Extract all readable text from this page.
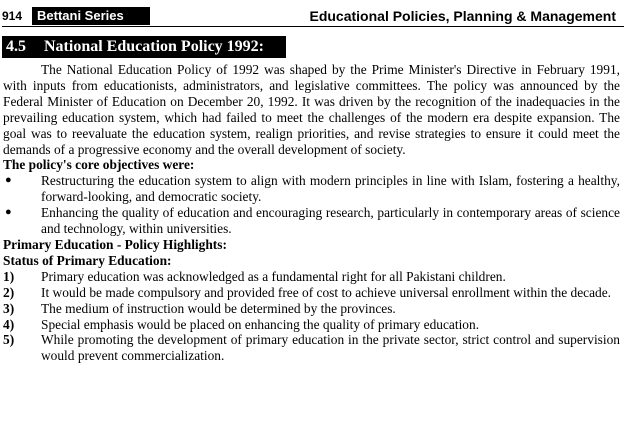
914	Bettani Series	Educational Policies, Planning & Management
4.5 National Education Policy 1992:

The National Education Policy of 1992 was shaped by the Prime Minister's Directive in February 1991, with inputs from educationists, administrators, and legislative committees. The policy was announced by the Federal Minister of Education on December 20, 1992. It was driven by the recognition of the inadequacies in the prevailing education system, which had failed to meet the challenges of the modern era despite expansion. The goal was to reevaluate the education system, realign priorities, and revise strategies to ensure it could meet the demands of a progressive economy and the overall development of society.

The policy's core objectives were:

●	Restructuring the education system to align with modern principles in line with Islam, fostering a healthy, forward-looking, and democratic society.
●	Enhancing the quality of education and encouraging research, particularly in contemporary areas of science and technology, within universities.

Primary Education - Policy Highlights:

Status of Primary Education:

1)	Primary education was acknowledged as a fundamental right for all Pakistani children.
2)	It would be made compulsory and provided free of cost to achieve universal enrollment within the decade.
3)	The medium of instruction would be determined by the provinces.
4)	Special emphasis would be placed on enhancing the quality of primary education.
5)	While promoting the development of primary education in the private sector, strict control and supervision would prevent commercialization.
